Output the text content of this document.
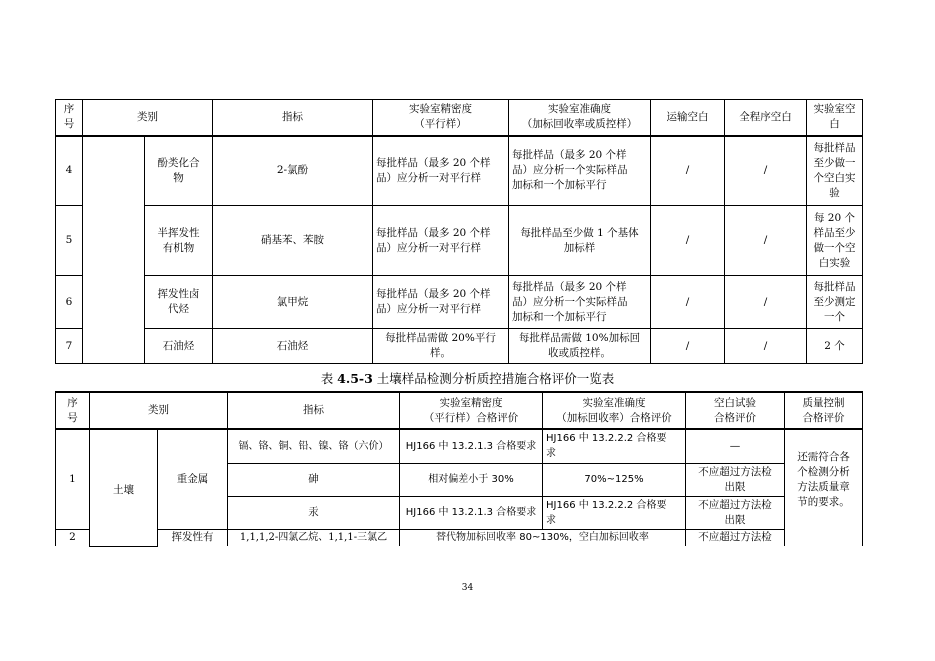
序
号	类别		指标	实验室精密度
（平行样）	实验室准确度
（加标回收率或质控样）	运输空白	全程序空白	实验室空
白
4		酚类化合
物	2-氯酚	每批样品（最多 20 个样
品）应分析一对平行样	每批样品（最多 20 个样
品）应分析一个实际样品
加标和一个加标平行	/	/	每批样品
至少做一
个空白实
验
5		半挥发性
有机物	硝基苯、苯胺	每批样品（最多 20 个样
品）应分析一对平行样	每批样品至少做 1 个基体
加标样	/	/	每 20 个
样品至少
做一个空
白实验
6		挥发性卤
代烃	氯甲烷	每批样品（最多 20 个样
品）应分析一对平行样	每批样品（最多 20 个样
品）应分析一个实际样品
加标和一个加标平行	/	/	每批样品
至少测定
一个
7		石油烃	石油烃	每批样品需做 20%平行
样。	每批样品需做 10%加标回
收或质控样。	/	/	2 个
表 4.5-3 土壤样品检测分析质控措施合格评价一览表
序
号	类别		指标	实验室精密度
（平行样）合格评价	实验室准确度
（加标回收率）合格评价	空白试验
合格评价	质量控制
合格评价
1	土壤	重金属	镉、铬、铜、铅、镍、铬（六价）	HJ166 中 13.2.1.3 合格要求	HJ166 中 13.2.2.2 合格要
求	—	还需符合各
个检测分析
方法质量章
节的要求。
			砷	相对偏差小于 30%	70%~125%	不应超过方法检
出限	
			汞	HJ166 中 13.2.1.3 合格要求	HJ166 中 13.2.2.2 合格要
求	不应超过方法检
出限	
2		挥发性有	1,1,1,2-四氯乙烷、1,1,1-三氯乙	替代物加标回收率 80~130%，空白加标回收率		不应超过方法检	
34
